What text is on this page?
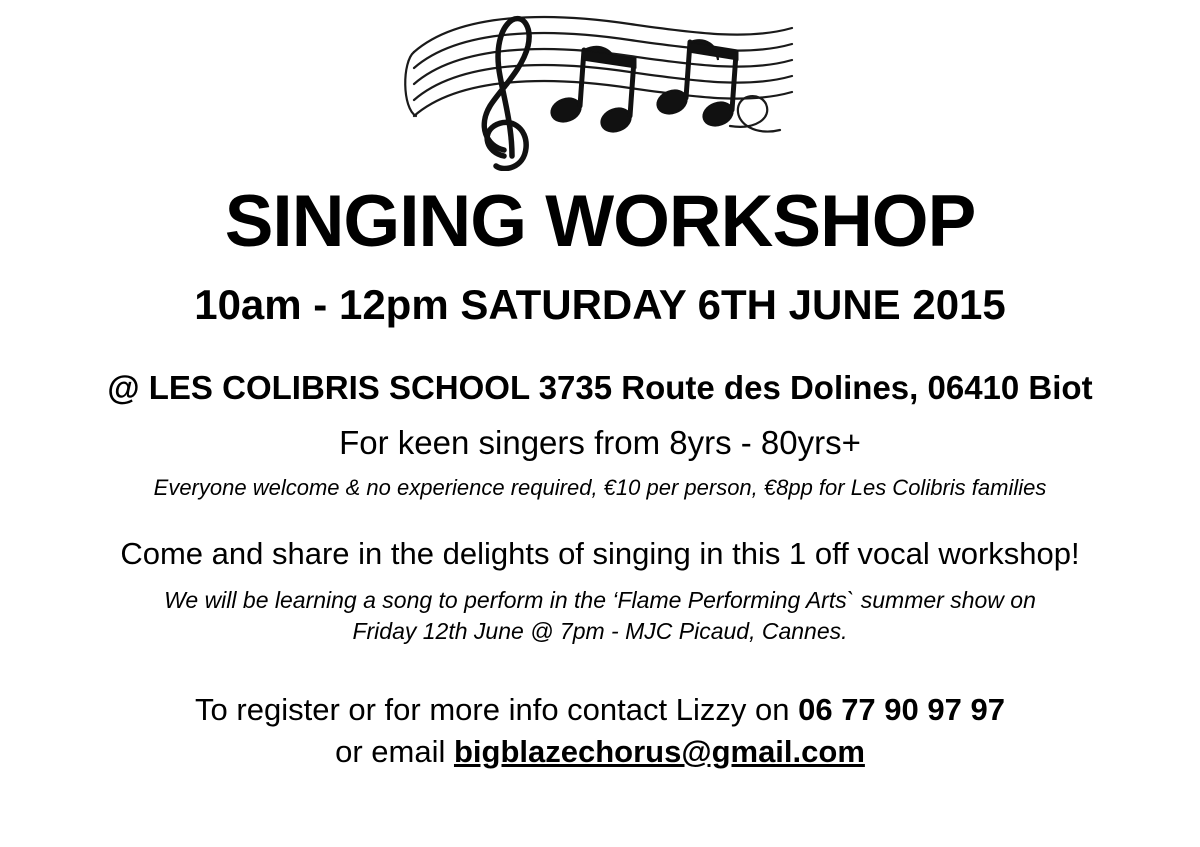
SINGING WORKSHOP
10am - 12pm SATURDAY 6TH JUNE 2015
@ LES COLIBRIS SCHOOL 3735 Route des Dolines, 06410 Biot
For keen singers from 8yrs - 80yrs+
Everyone welcome & no experience required, €10 per person, €8pp for Les Colibris families
Come and share in the delights of singing in this 1 off vocal workshop!
We will be learning a song to perform in the ‘Flame Performing Arts` summer show on
Friday 12th June @ 7pm - MJC Picaud, Cannes.
To register or for more info contact Lizzy on 06 77 90 97 97
or email bigblazechorus@gmail.com
